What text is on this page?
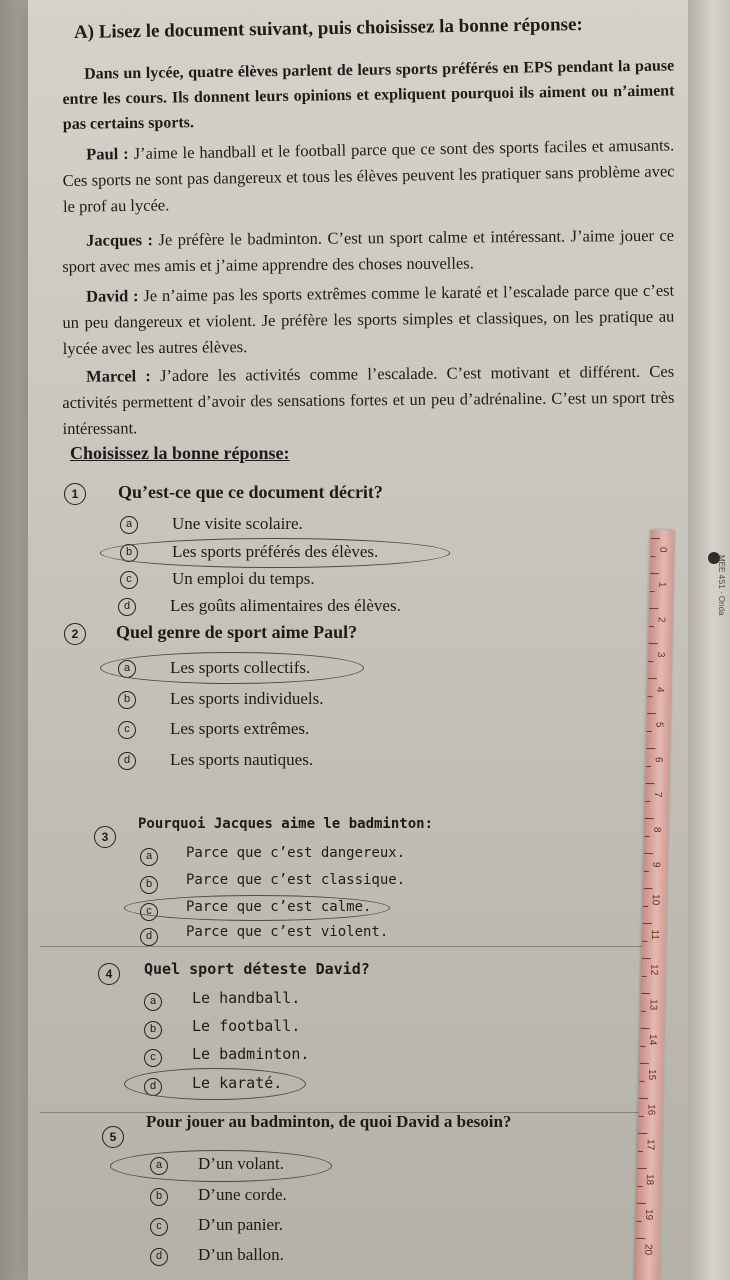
A) Lisez le document suivant, puis choisissez la bonne réponse:

Dans un lycée, quatre élèves parlent de leurs sports préférés en EPS pendant la pause entre les cours. Ils donnent leurs opinions et expliquent pourquoi ils aiment ou n’aiment pas certains sports.

Paul : J’aime le handball et le football parce que ce sont des sports faciles et amusants. Ces sports ne sont pas dangereux et tous les élèves peuvent les pratiquer sans problème avec le prof au lycée.

Jacques : Je préfère le badminton. C’est un sport calme et intéressant. J’aime jouer ce sport avec mes amis et j’aime apprendre des choses nouvelles.

David : Je n’aime pas les sports extrêmes comme le karaté et l’escalade parce que c’est un peu dangereux et violent. Je préfère les sports simples et classiques, on les pratique au lycée avec les autres élèves.

Marcel : J’adore les activités comme l’escalade. C’est motivant et différent. Ces activités permettent d’avoir des sensations fortes et un peu d’adrénaline. C’est un sport très intéressant.

Choisissez la bonne réponse:

1	Qu’est-ce que ce document décrit?

a	Une visite scolaire.

b	Les sports préférés des élèves.

c	Un emploi du temps.

d	Les goûts alimentaires des élèves.

2	Quel genre de sport aime Paul?

a	Les sports collectifs.

b	Les sports individuels.

c	Les sports extrêmes.

d	Les sports nautiques.

3

Pourquoi Jacques aime le badminton:

a	Parce que c’est dangereux.

b	Parce que c’est classique.

c	Parce que c’est calme.

d	Parce que c’est violent.

4	Quel sport déteste David?

a	Le handball.

b	Le football.

c	Le badminton.

d	Le karaté.

5

Pour jouer au badminton, de quoi David a besoin?

a	D’un volant.

b	D’une corde.

c	D’un panier.

d	D’un ballon.

0
1
2
3
4
5
6
7
8
9
10
11
12
13
14
15
16
17
18
19
20
MEE 4S1 · Onda
